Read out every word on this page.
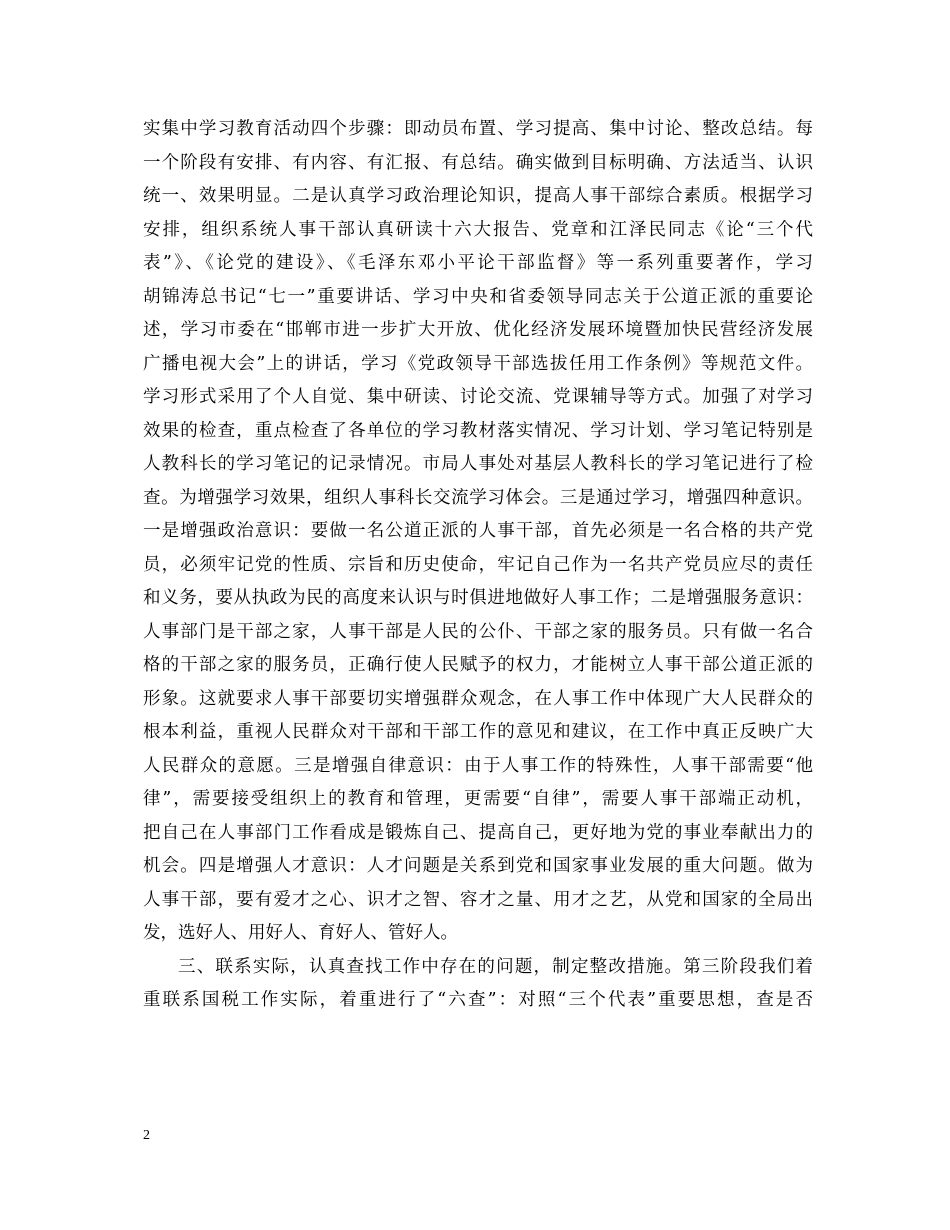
实集中学习教育活动四个步骤：即动员布置、学习提高、集中讨论、整改总结。每
一个阶段有安排、有内容、有汇报、有总结。确实做到目标明确、方法适当、认识
统一、效果明显。二是认真学习政治理论知识，提高人事干部综合素质。根据学习
安排，组织系统人事干部认真研读十六大报告、党章和江泽民同志《论“三个代
表”》、《论党的建设》、《毛泽东邓小平论干部监督》等一系列重要著作，学习
胡锦涛总书记“七一”重要讲话、学习中央和省委领导同志关于公道正派的重要论
述，学习市委在“邯郸市进一步扩大开放、优化经济发展环境暨加快民营经济发展
广播电视大会”上的讲话，学习《党政领导干部选拔任用工作条例》等规范文件。
学习形式采用了个人自觉、集中研读、讨论交流、党课辅导等方式。加强了对学习
效果的检查，重点检查了各单位的学习教材落实情况、学习计划、学习笔记特别是
人教科长的学习笔记的记录情况。市局人事处对基层人教科长的学习笔记进行了检
查。为增强学习效果，组织人事科长交流学习体会。三是通过学习，增强四种意识。
一是增强政治意识：要做一名公道正派的人事干部，首先必须是一名合格的共产党
员，必须牢记党的性质、宗旨和历史使命，牢记自己作为一名共产党员应尽的责任
和义务，要从执政为民的高度来认识与时俱进地做好人事工作；二是增强服务意识：
人事部门是干部之家，人事干部是人民的公仆、干部之家的服务员。只有做一名合
格的干部之家的服务员，正确行使人民赋予的权力，才能树立人事干部公道正派的
形象。这就要求人事干部要切实增强群众观念，在人事工作中体现广大人民群众的
根本利益，重视人民群众对干部和干部工作的意见和建议，在工作中真正反映广大
人民群众的意愿。三是增强自律意识：由于人事工作的特殊性，人事干部需要“他
律”，需要接受组织上的教育和管理，更需要“自律”，需要人事干部端正动机，
把自己在人事部门工作看成是锻炼自己、提高自己，更好地为党的事业奉献出力的
机会。四是增强人才意识：人才问题是关系到党和国家事业发展的重大问题。做为
人事干部，要有爱才之心、识才之智、容才之量、用才之艺，从党和国家的全局出
发，选好人、用好人、育好人、管好人。
三、联系实际，认真查找工作中存在的问题，制定整改措施。第三阶段我们着
重联系国税工作实际，着重进行了“六查”：对照“三个代表”重要思想，查是否
2
